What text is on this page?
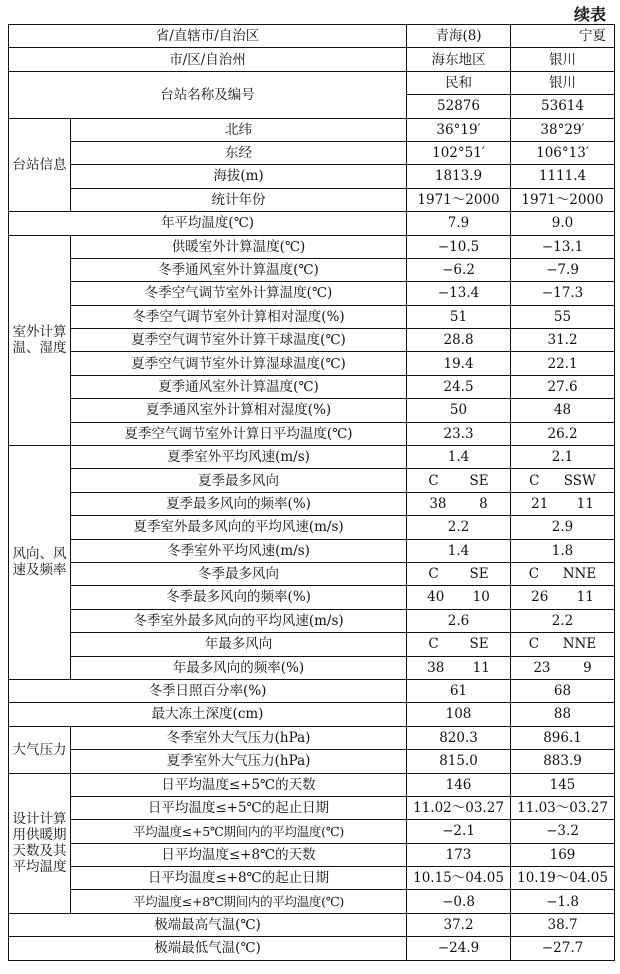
续表
省/直辖市/自治区		青海(8)	宁夏
市/区/自治州		海东地区	银川
台站名称及编号		民和	银川
		52876	53614
台站信息	北纬	36°19′	38°29′
	东经	102°51′	106°13′
	海拔(m)	1813.9	1111.4
	统计年份	1971～2000	1971～2000
年平均温度(℃)		7.9	9.0
室外计算温、湿度	供暖室外计算温度(℃)	−10.5	−13.1
	冬季通风室外计算温度(℃)	−6.2	−7.9
	冬季空气调节室外计算温度(℃)	−13.4	−17.3
	冬季空气调节室外计算相对湿度(%)	51	55
	夏季空气调节室外计算干球温度(℃)	28.8	31.2
	夏季空气调节室外计算湿球温度(℃)	19.4	22.1
	夏季通风室外计算温度(℃)	24.5	27.6
	夏季通风室外计算相对湿度(%)	50	48
	夏季空气调节室外计算日平均温度(℃)	23.3	26.2
风向、风速及频率	夏季室外平均风速(m/s)	1.4	2.1
	夏季最多风向	C SE	C SSW

	夏季最多风向的频率(%)	38 8	21 11

	夏季室外最多风向的平均风速(m/s)	2.2	2.9
	冬季室外平均风速(m/s)	1.4	1.8
	冬季最多风向	C SE	C NNE

	冬季最多风向的频率(%)	40 10	26 11

	冬季室外最多风向的平均风速(m/s)	2.6	2.2
	年最多风向	C SE	C NNE

	年最多风向的频率(%)	38 11	23 9

冬季日照百分率(%)		61	68
最大冻土深度(cm)		108	88
大气压力	冬季室外大气压力(hPa)	820.3	896.1
	夏季室外大气压力(hPa)	815.0	883.9
设计计算用供暖期天数及其平均温度	日平均温度≤+5℃的天数	146	145
	日平均温度≤+5℃的起止日期	11.02～03.27	11.03～03.27
	平均温度≤+5℃期间内的平均温度(℃)	−2.1	−3.2
	日平均温度≤+8℃的天数	173	169
	日平均温度≤+8℃的起止日期	10.15～04.05	10.19～04.05
	平均温度≤+8℃期间内的平均温度(℃)	−0.8	−1.8
极端最高气温(℃)		37.2	38.7
极端最低气温(℃)		−24.9	−27.7
